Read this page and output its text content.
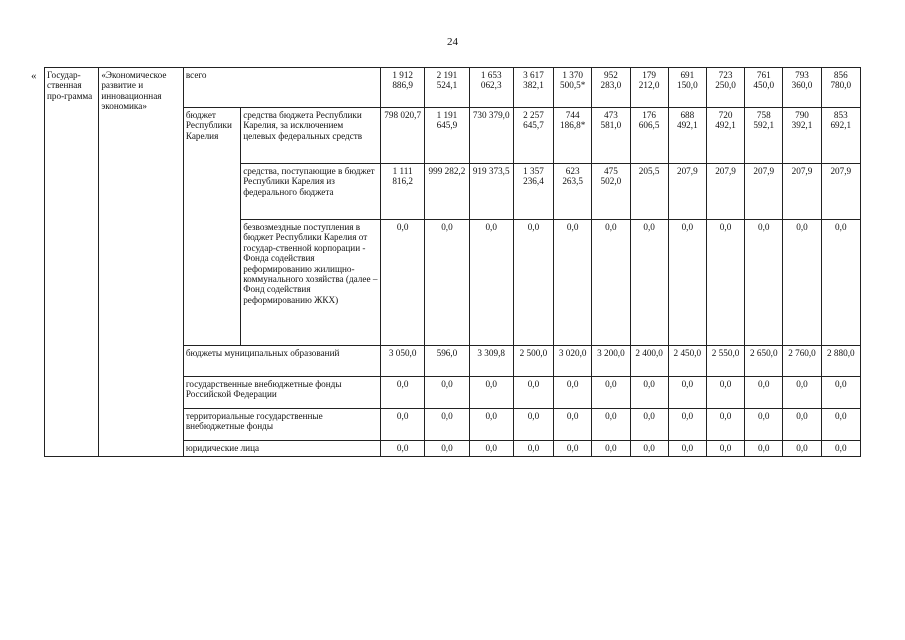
24
« Государ-ственная про-грамма	«Экономическое развитие и инновационная экономика»	всего		1 912 886,9	2 191 524,1	1 653 062,3	3 617 382,1	1 370 500,5*	952 283,0	179 212,0	691 150,0	723 250,0	761 450,0	793 360,0	856 780,0
		бюджет Республики Карелия	средства бюджета Республики Карелия, за исключением целевых федеральных средств	798 020,7	1 191 645,9	730 379,0	2 257 645,7	744 186,8*	473 581,0	176 606,5	688 492,1	720 492,1	758 592,1	790 392,1	853 692,1
			средства, поступающие в бюджет Республики Карелия из федерального бюджета	1 111 816,2	999 282,2	919 373,5	1 357 236,4	623 263,5	475 502,0	205,5	207,9	207,9	207,9	207,9	207,9
			безвозмездные поступления в бюджет Республики Карелия от государ-ственной корпорации - Фонда содействия реформированию жилищно-коммунального хозяйства (далее – Фонд содействия реформированию ЖКХ)	0,0	0,0	0,0	0,0	0,0	0,0	0,0	0,0	0,0	0,0	0,0	0,0
		бюджеты муниципальных образований		3 050,0	596,0	3 309,8	2 500,0	3 020,0	3 200,0	2 400,0	2 450,0	2 550,0	2 650,0	2 760,0	2 880,0
		государственные внебюджетные фонды Российской Федерации		0,0	0,0	0,0	0,0	0,0	0,0	0,0	0,0	0,0	0,0	0,0	0,0
		территориальные государственные внебюджетные фонды		0,0	0,0	0,0	0,0	0,0	0,0	0,0	0,0	0,0	0,0	0,0	0,0
		юридические лица		0,0	0,0	0,0	0,0	0,0	0,0	0,0	0,0	0,0	0,0	0,0	0,0
